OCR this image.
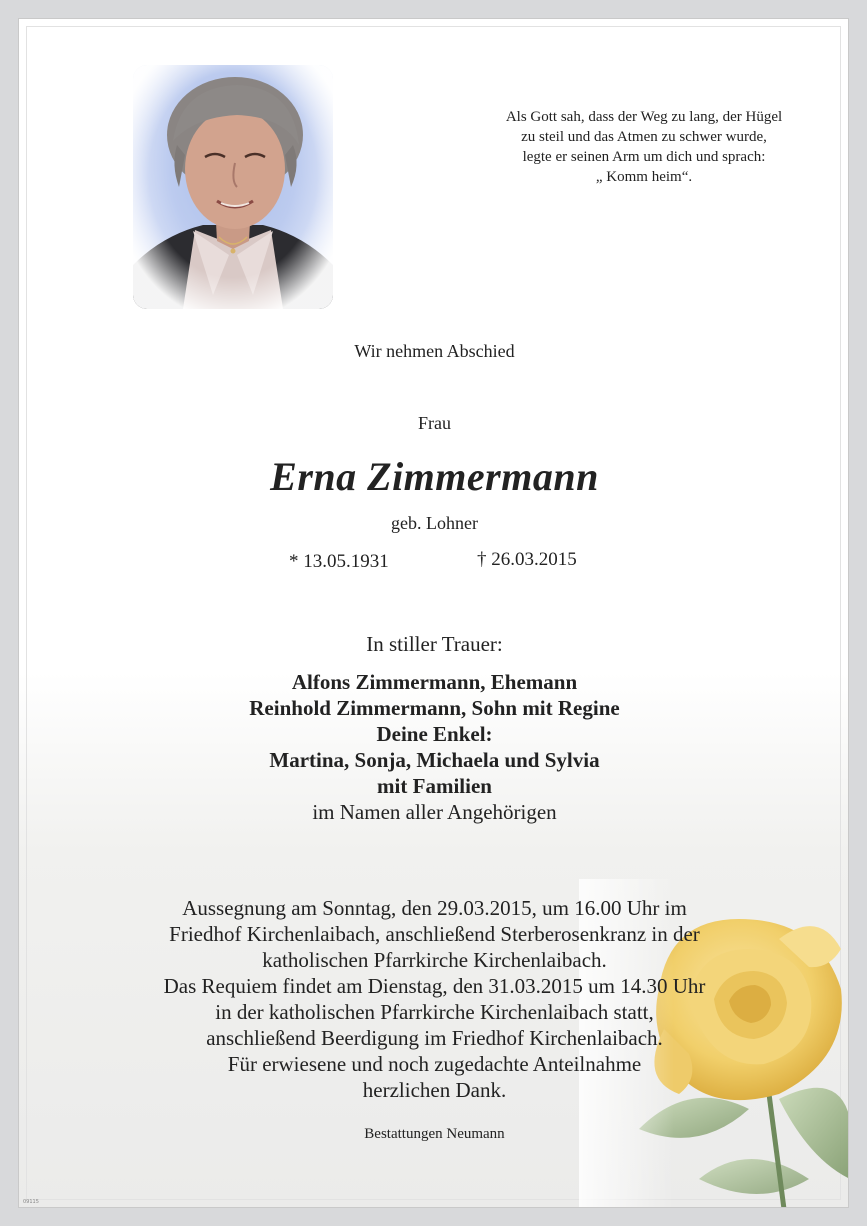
Als Gott sah, dass der Weg zu lang, der Hügel
zu steil und das Atmen zu schwer wurde,
legte er seinen Arm um dich und sprach:
„ Komm heim“.
Wir nehmen Abschied
Frau
Erna Zimmermann
geb. Lohner
* 13.05.1931	† 26.03.2015
In stiller Trauer:
Alfons Zimmermann, Ehemann
Reinhold Zimmermann, Sohn mit Regine
Deine Enkel:
Martina, Sonja, Michaela und Sylvia
mit Familien
im Namen aller Angehörigen
Aussegnung am Sonntag, den 29.03.2015, um 16.00 Uhr im
Friedhof Kirchenlaibach, anschließend Sterberosenkranz in der
katholischen Pfarrkirche Kirchenlaibach.
Das Requiem findet am Dienstag, den 31.03.2015 um 14.30 Uhr
in der katholischen Pfarrkirche Kirchenlaibach statt,
anschließend Beerdigung im Friedhof Kirchenlaibach.
Für erwiesene und noch zugedachte Anteilnahme
herzlichen Dank.
Bestattungen Neumann
09115
